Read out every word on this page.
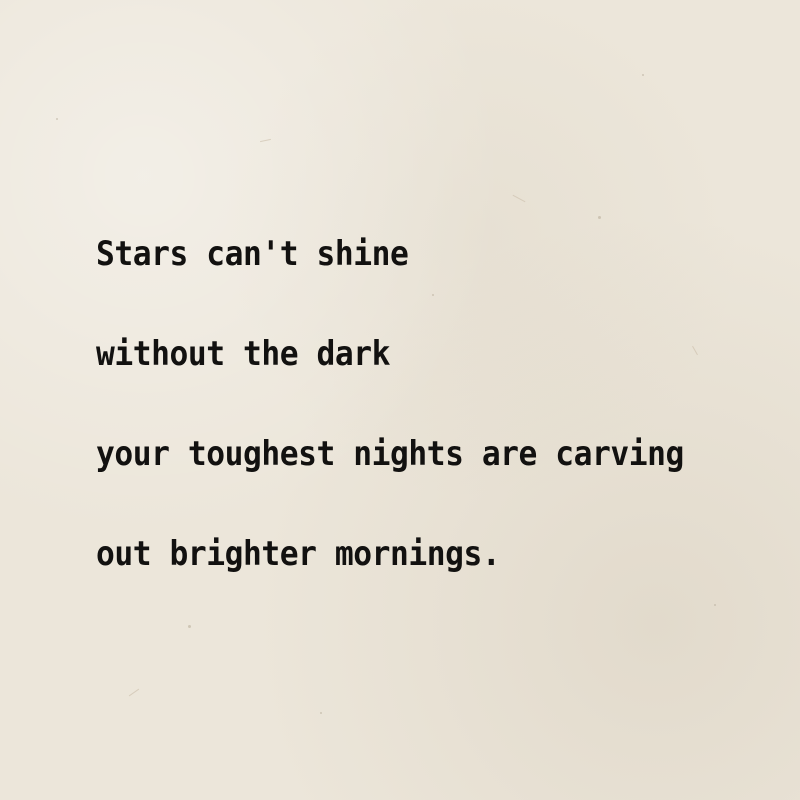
Stars can't shine
without the dark
your toughest nights are carving
out brighter mornings.
